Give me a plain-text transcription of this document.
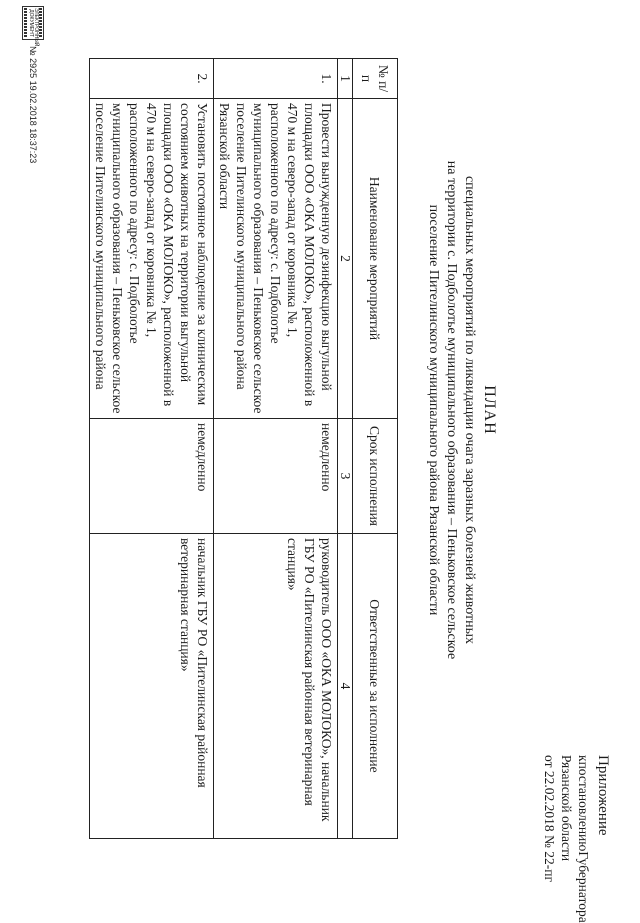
Приложение
к
постановлению
Губернатора
Рязанской области
от 22.02.2018 № 22-пг
ПЛАН
специальных мероприятий по ликвидации очага заразных болезней животных
на территории с. Подболотье муниципального образования – Пеньковское сельское
поселение Пителинского муниципального района Рязанской области
№ п/п	Наименование мероприятий	Срок исполнения	Ответственные за исполнение
1	2	3	4
1.	Провести вынужденную дезинфекцию выгульной площадки ООО «ОКА МОЛОКО», расположенной в 470 м на северо-запад от коровника № 1, расположенного по адресу: с. Подболотье муниципального образования – Пеньковское сельское поселение Пителинского муниципального района Рязанской области	немедленно	руководитель ООО «ОКА МОЛОКО», начальник ГБУ РО «Пителинская районная ветеринарная станция»
2.	Установить постоянное наблюдение за клиническим состоянием животных на территории выгульной площадки ООО «ОКА МОЛОКО», расположенной в 470 м на северо-запад от коровника № 1, расположенного по адресу: с. Подболотье муниципального образования – Пеньковское сельское поселение Пителинского муниципального района	немедленно	начальник ГБУ РО «Пителинская районная ветеринарная станция»
ЭЛЕКТРОННЫЙ ДОКУМЕНТ
№ 2925 19.02.2018 18:37:23
